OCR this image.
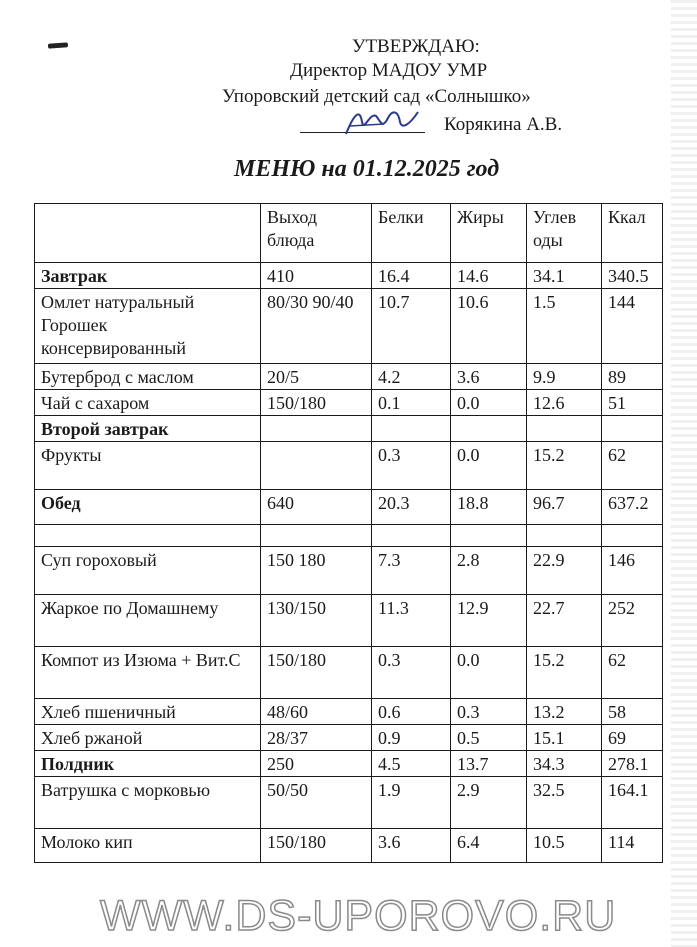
УТВЕРЖДАЮ:
Директор МАДОУ УМР
Упоровский детский сад «Солнышко»
Корякина А.В.
МЕНЮ на 01.12.2025 год
	Выход блюда	Белки	Жиры	Углев оды	Ккал
Завтрак	410	16.4	14.6	34.1	340.5
Омлет натуральный Горошек консервированный	80/30 90/40	10.7	10.6	1.5	144
Бутерброд с маслом	20/5	4.2	3.6	9.9	89
Чай с сахаром	150/180	0.1	0.0	12.6	51
Второй завтрак					
Фрукты		0.3	0.0	15.2	62
Обед	640	20.3	18.8	96.7	637.2

Суп гороховый	150 180	7.3	2.8	22.9	146
Жаркое по Домашнему	130/150	11.3	12.9	22.7	252
Компот из Изюма + Вит.С	150/180	0.3	0.0	15.2	62
Хлеб пшеничный	48/60	0.6	0.3	13.2	58
Хлеб ржаной	28/37	0.9	0.5	15.1	69
Полдник	250	4.5	13.7	34.3	278.1
Ватрушка с морковью	50/50	1.9	2.9	32.5	164.1
Молоко кип	150/180	3.6	6.4	10.5	114
WWW.DS-UPOROVO.RU
